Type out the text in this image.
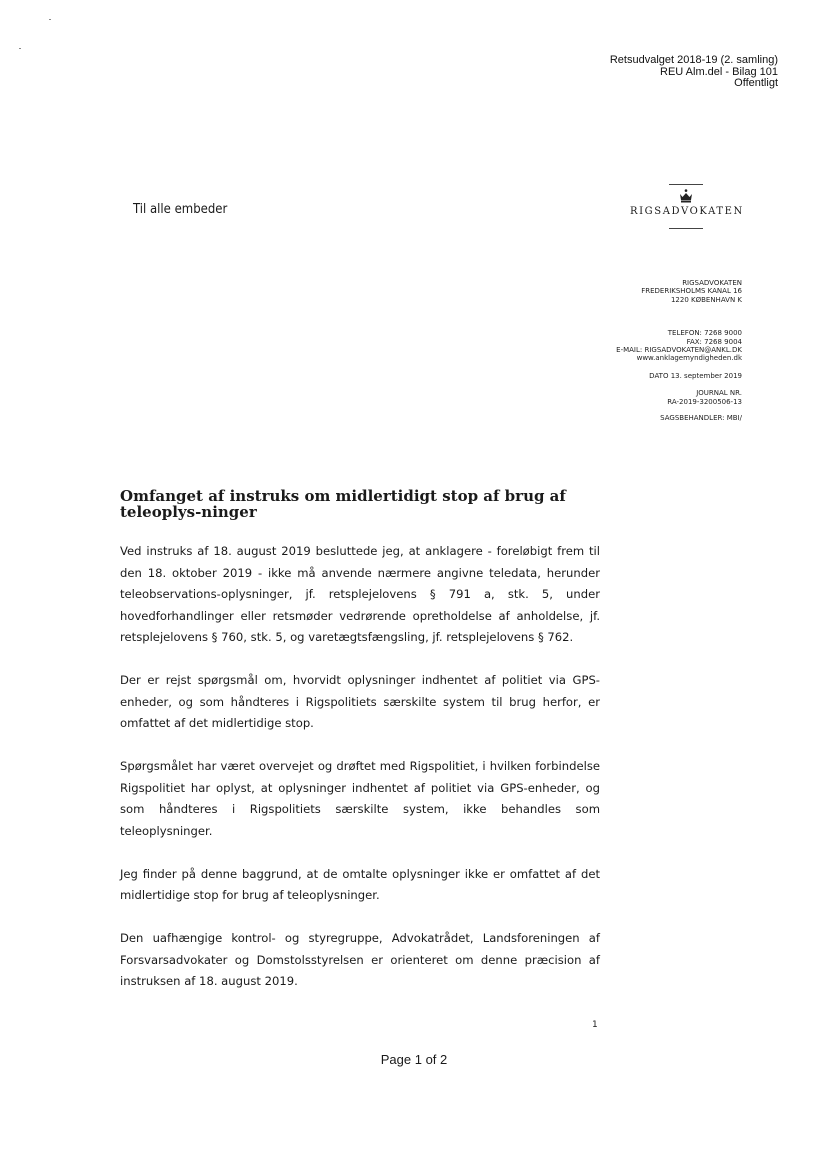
Retsudvalget 2018-19 (2. samling)
REU Alm.del - Bilag 101
Offentligt
Til alle embeder	RIGSADVOKATEN
RIGSADVOKATEN
FREDERIKSHOLMS KANAL 16
1220 KØBENHAVN K
TELEFON: 7268 9000
FAX: 7268 9004
E-MAIL: RIGSADVOKATEN@ANKL.DK
www.anklagemyndigheden.dk
DATO 13. september 2019
JOURNAL NR.
RA-2019-3200506-13
SAGSBEHANDLER: MBI/
Omfanget af instruks om midlertidigt stop af brug af teleoplys-ninger

Ved instruks af 18. august 2019 besluttede jeg, at anklagere - foreløbigt frem til den 18. oktober 2019 - ikke må anvende nærmere angivne teledata, herunder teleobservations-oplysninger, jf. retsplejelovens § 791 a, stk. 5, under hovedforhandlinger eller retsmøder vedrørende opretholdelse af anholdelse, jf. retsplejelovens § 760, stk. 5, og varetægtsfængsling, jf. retsplejelovens § 762.

Der er rejst spørgsmål om, hvorvidt oplysninger indhentet af politiet via GPS-enheder, og som håndteres i Rigspolitiets særskilte system til brug herfor, er omfattet af det midlertidige stop.

Spørgsmålet har været overvejet og drøftet med Rigspolitiet, i hvilken forbindelse Rigspolitiet har oplyst, at oplysninger indhentet af politiet via GPS-enheder, og som håndteres i Rigspolitiets særskilte system, ikke behandles som teleoplysninger.

Jeg finder på denne baggrund, at de omtalte oplysninger ikke er omfattet af det midlertidige stop for brug af teleoplysninger.

Den uafhængige kontrol- og styregruppe, Advokatrådet, Landsforeningen af Forsvarsadvokater og Domstolsstyrelsen er orienteret om denne præcision af instruksen af 18. august 2019.

1
Page 1 of 2
